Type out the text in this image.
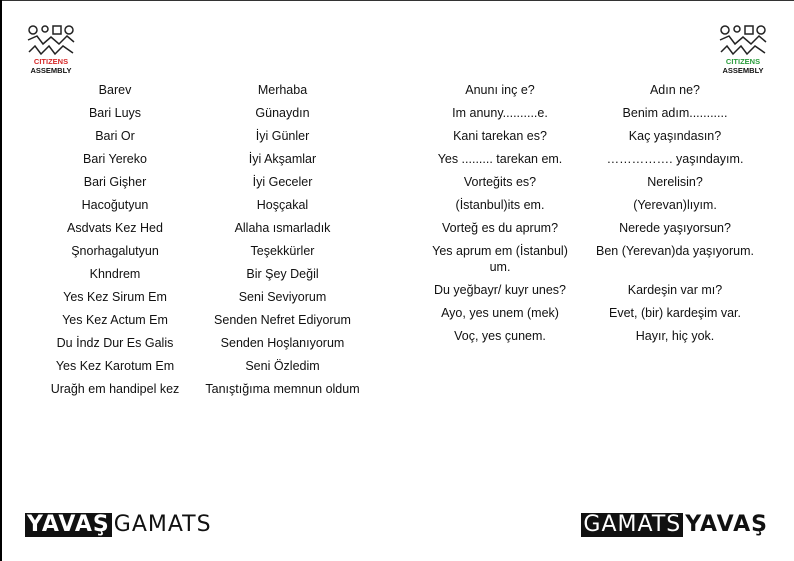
CITIZENS
ASSEMBLY
CITIZENS
ASSEMBLY
Barev
Bari Luys
Bari Or
Bari Yereko
Bari Gişher
Hacoğutyun
Asdvats Kez Hed
Şnorhagalutyun
Khndrem
Yes Kez Sirum Em
Yes Kez Actum Em
Du İndz Dur Es Galis
Yes Kez Karotum Em
Urağh em handipel kez
Merhaba
Günaydın
İyi Günler
İyi Akşamlar
İyi Geceler
Hoşçakal
Allaha ısmarladık
Teşekkürler
Bir Şey Değil
Seni Seviyorum
Senden Nefret Ediyorum
Senden Hoşlanıyorum
Seni Özledim
Tanıştığıma memnun oldum
Anunı inç e?
Im anuny..........e.
Kani tarekan es?
Yes ......... tarekan em.
Vorteğits es?
(İstanbul)its em.
Vorteğ es du aprum?
Yes aprum em (İstanbul) um.
Du yeğbayr/ kuyr unes?
Ayo, yes unem (mek)
Voç, yes çunem.
Adın ne?
Benim adım...........
Kaç yaşındasın?
……………. yaşındayım.
Nerelisin?
(Yerevan)lıyım.
Nerede yaşıyorsun?
Ben (Yerevan)da yaşıyorum.
Kardeşin var mı?
Evet, (bir) kardeşim var.
Hayır, hiç yok.
YAVAŞ GAMATS	GAMATS YAVAŞ
